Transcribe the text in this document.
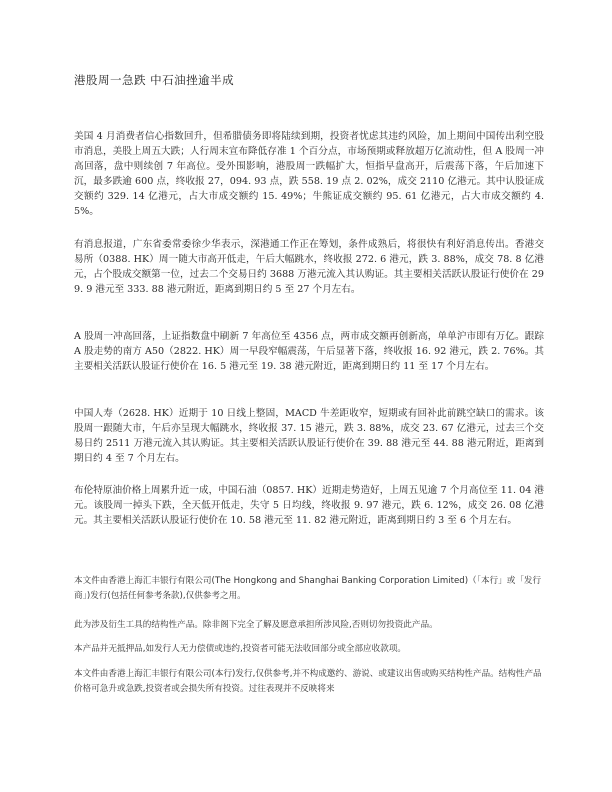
港股周一急跌 中石油挫逾半成
美国 4 月消费者信心指数回升，但希腊债务即将陆续到期，投资者忧虑其违约风险，加上期间中国传出利空股市消息，美股上周五大跌；人行周末宣布降低存准 1 个百分点，市场预期或释放超万亿流动性，但 A 股周一冲高回落，盘中则续创 7 年高位。受外围影响，港股周一跌幅扩大，恒指早盘高开，后震荡下落，午后加速下沉，最多跌逾 600 点，终收报 27，094. 93 点，跌 558. 19 点 2. 02%，成交 2110 亿港元。其中认股证成交额约 329. 14 亿港元，占大市成交额约 15. 49%；牛熊证成交额约 95. 61 亿港元，占大市成交额约 4. 5%。
有消息报道，广东省委常委徐少华表示，深港通工作正在筹划，条件成熟后，将很快有利好消息传出。香港交易所（0388. HK）周一随大市高开低走，午后大幅跳水，终收报 272. 6 港元，跌 3. 88%，成交 78. 8 亿港元，占个股成交额第一位，过去二个交易日约 3688 万港元流入其认购证。其主要相关活跃认股证行使价在 299. 9 港元至 333. 88 港元附近，距离到期日约 5 至 27 个月左右。
A 股周一冲高回落，上证指数盘中刷新 7 年高位至 4356 点，两市成交额再创新高，单单沪市即有万亿。跟踪 A 股走势的南方 A50（2822. HK）周一早段窄幅震荡，午后显著下落，终收报 16. 92 港元，跌 2. 76%。其主要相关活跃认股证行使价在 16. 5 港元至 19. 38 港元附近，距离到期日约 11 至 17 个月左右。
中国人寿（2628. HK）近期于 10 日线上整固，MACD 牛差距收窄，短期或有回补此前跳空缺口的需求。该股周一跟随大市，午后亦呈现大幅跳水，终收报 37. 15 港元，跌 3. 88%，成交 23. 67 亿港元，过去三个交易日约 2511 万港元流入其认购证。其主要相关活跃认股证行使价在 39. 88 港元至 44. 88 港元附近，距离到期日约 4 至 7 个月左右。
布伦特原油价格上周累升近一成，中国石油（0857. HK）近期走势造好，上周五见逾 7 个月高位至 11. 04 港元。该股周一掉头下跌，全天低开低走，失守 5 日均线，终收报 9. 97 港元，跌 6. 12%，成交 26. 08 亿港元。其主要相关活跃认股证行使价在 10. 58 港元至 11. 82 港元附近，距离到期日约 3 至 6 个月左右。
本文件由香港上海汇丰银行有限公司(The Hongkong and Shanghai Banking Corporation Limited)（「本行」或「发行商」)发行(包括任何参考条款),仅供参考之用。
此为涉及衍生工具的结构性产品。除非阁下完全了解及愿意承担所涉风险,否则切勿投资此产品。
本产品并无抵押品,如发行人无力偿债或违约,投资者可能无法收回部分或全部应收款项。
本文件由香港上海汇丰银行有限公司(本行)发行,仅供参考,并不构成邀约、游说、或建议出售或购买结构性产品。结构性产品价格可急升或急跌,投资者或会损失所有投资。过往表现并不反映将来
